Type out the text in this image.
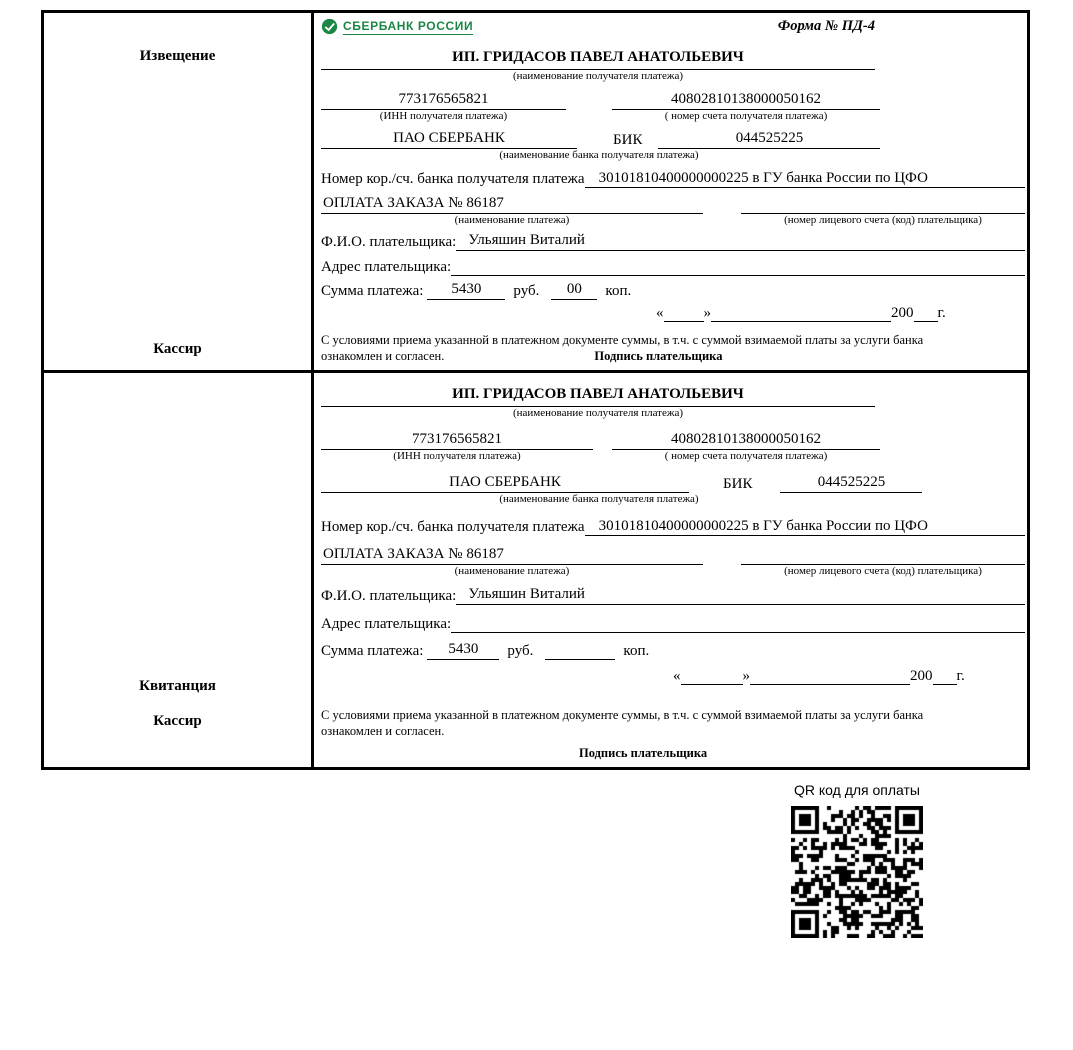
Извещение
Кассир
СБЕРБАНК РОССИИ	Форма № ПД-4
ИП. ГРИДАСОВ ПАВЕЛ АНАТОЛЬЕВИЧ
(наименование получателя платежа)
773176565821	40802810138000050162
(ИНН получателя платежа)	( номер счета получателя платежа)
ПАО СБЕРБАНК	БИК	044525225
(наименование банка получателя платежа)
Номер кор./сч. банка получателя платежа 30101810400000000225 в ГУ банка России по ЦФО
ОПЛАТА ЗАКАЗА № 86187
(наименование платежа)	(номер лицевого счета (код) плательщика)
Ф.И.О. плательщика: Ульяшин Виталий
Адрес плательщика:
Сумма платежа:	5430	руб.	00	коп.
«	»	200 г.
С условиями приема указанной в платежном документе суммы, в т.ч. с суммой взимаемой платы за услуги банка
ознакомлен и согласен.	Подпись плательщика
Квитанция
Кассир
ИП. ГРИДАСОВ ПАВЕЛ АНАТОЛЬЕВИЧ
(наименование получателя платежа)
773176565821	40802810138000050162
(ИНН получателя платежа)	( номер счета получателя платежа)
ПАО СБЕРБАНК	БИК	044525225
(наименование банка получателя платежа)
Номер кор./сч. банка получателя платежа 30101810400000000225 в ГУ банка России по ЦФО
ОПЛАТА ЗАКАЗА № 86187
(наименование платежа)	(номер лицевого счета (код) плательщика)
Ф.И.О. плательщика: Ульяшин Виталий
Адрес плательщика:
Сумма платежа:	5430	руб.	коп.
«	»	200 г.
С условиями приема указанной в платежном документе суммы, в т.ч. с суммой взимаемой платы за услуги банка
ознакомлен и согласен.
Подпись плательщика
QR код для оплаты
